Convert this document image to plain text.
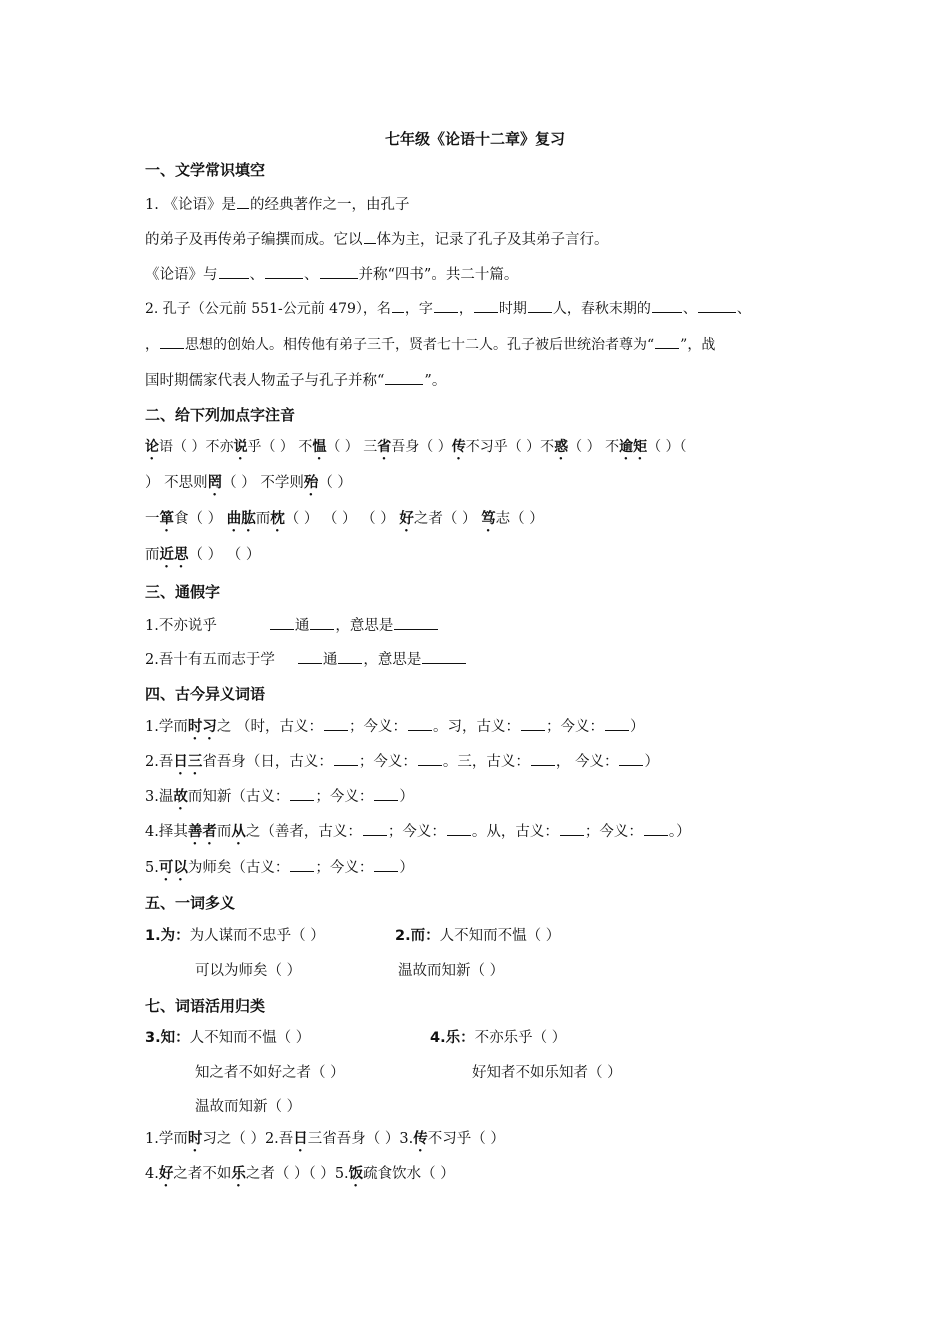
七年级《论语十二章》复习
一、文学常识填空
1. 《论语》是 的经典著作之一，由孔子
的弟子及再传弟子编撰而成。它以 体为主，记录了孔子及其弟子言行。
《论语》与 、	、	并称“四书”。共二十篇。
2. 孔子（公元前 551-公元前 479），名 ，字 ， 时期 人，春秋末期的 、	、
， 思想的创始人。相传他有弟子三千，贤者七十二人。孔子被后世统治者尊为“ ”，战
国时期儒家代表人物孟子与孔子并称“	”。
二、给下列加点字注音
论语（ ）不亦说乎（ ） 不愠（ ） 三省吾身（ ）传不习乎（ ）不惑（ ） 不逾矩（ ）（
） 不思则罔（ ） 不学则殆（ ）
一箪食（ ） 曲肱而枕（ ） （ ） （ ） 好之者（ ） 笃志（ ）
而近思（ ） （ ）
三、通假字
1.不亦说乎	通 ，意思是
2.吾十有五而志于学	通 ，意思是
四、古今异义词语
1.学而时习之 （时，古义： ；今义： 。习，古义： ；今义： ）
2.吾日三省吾身（日，古义： ；今义： 。三，古义： ， 今义： ）
3.温故而知新（古义： ；今义： ）
4.择其善者而从之（善者，古义： ；今义： 。从，古义： ；今义： 。）
5.可以为师矣（古义： ；今义： ）
五、一词多义
1.为：为人谋而不忠乎（ ）	2.而：人不知而不愠（ ）
可以为师矣（ ）	温故而知新（ ）
七、词语活用归类
3.知：人不知而不愠（ ）	4.乐：不亦乐乎（ ）
知之者不如好之者（ ）	好知者不如乐知者（ ）
温故而知新（ ）
1.学而时习之（ ）2.吾日三省吾身（ ）3.传不习乎（ ）
4.好之者不如乐之者（ ）（ ）5.饭疏食饮水（ ）
